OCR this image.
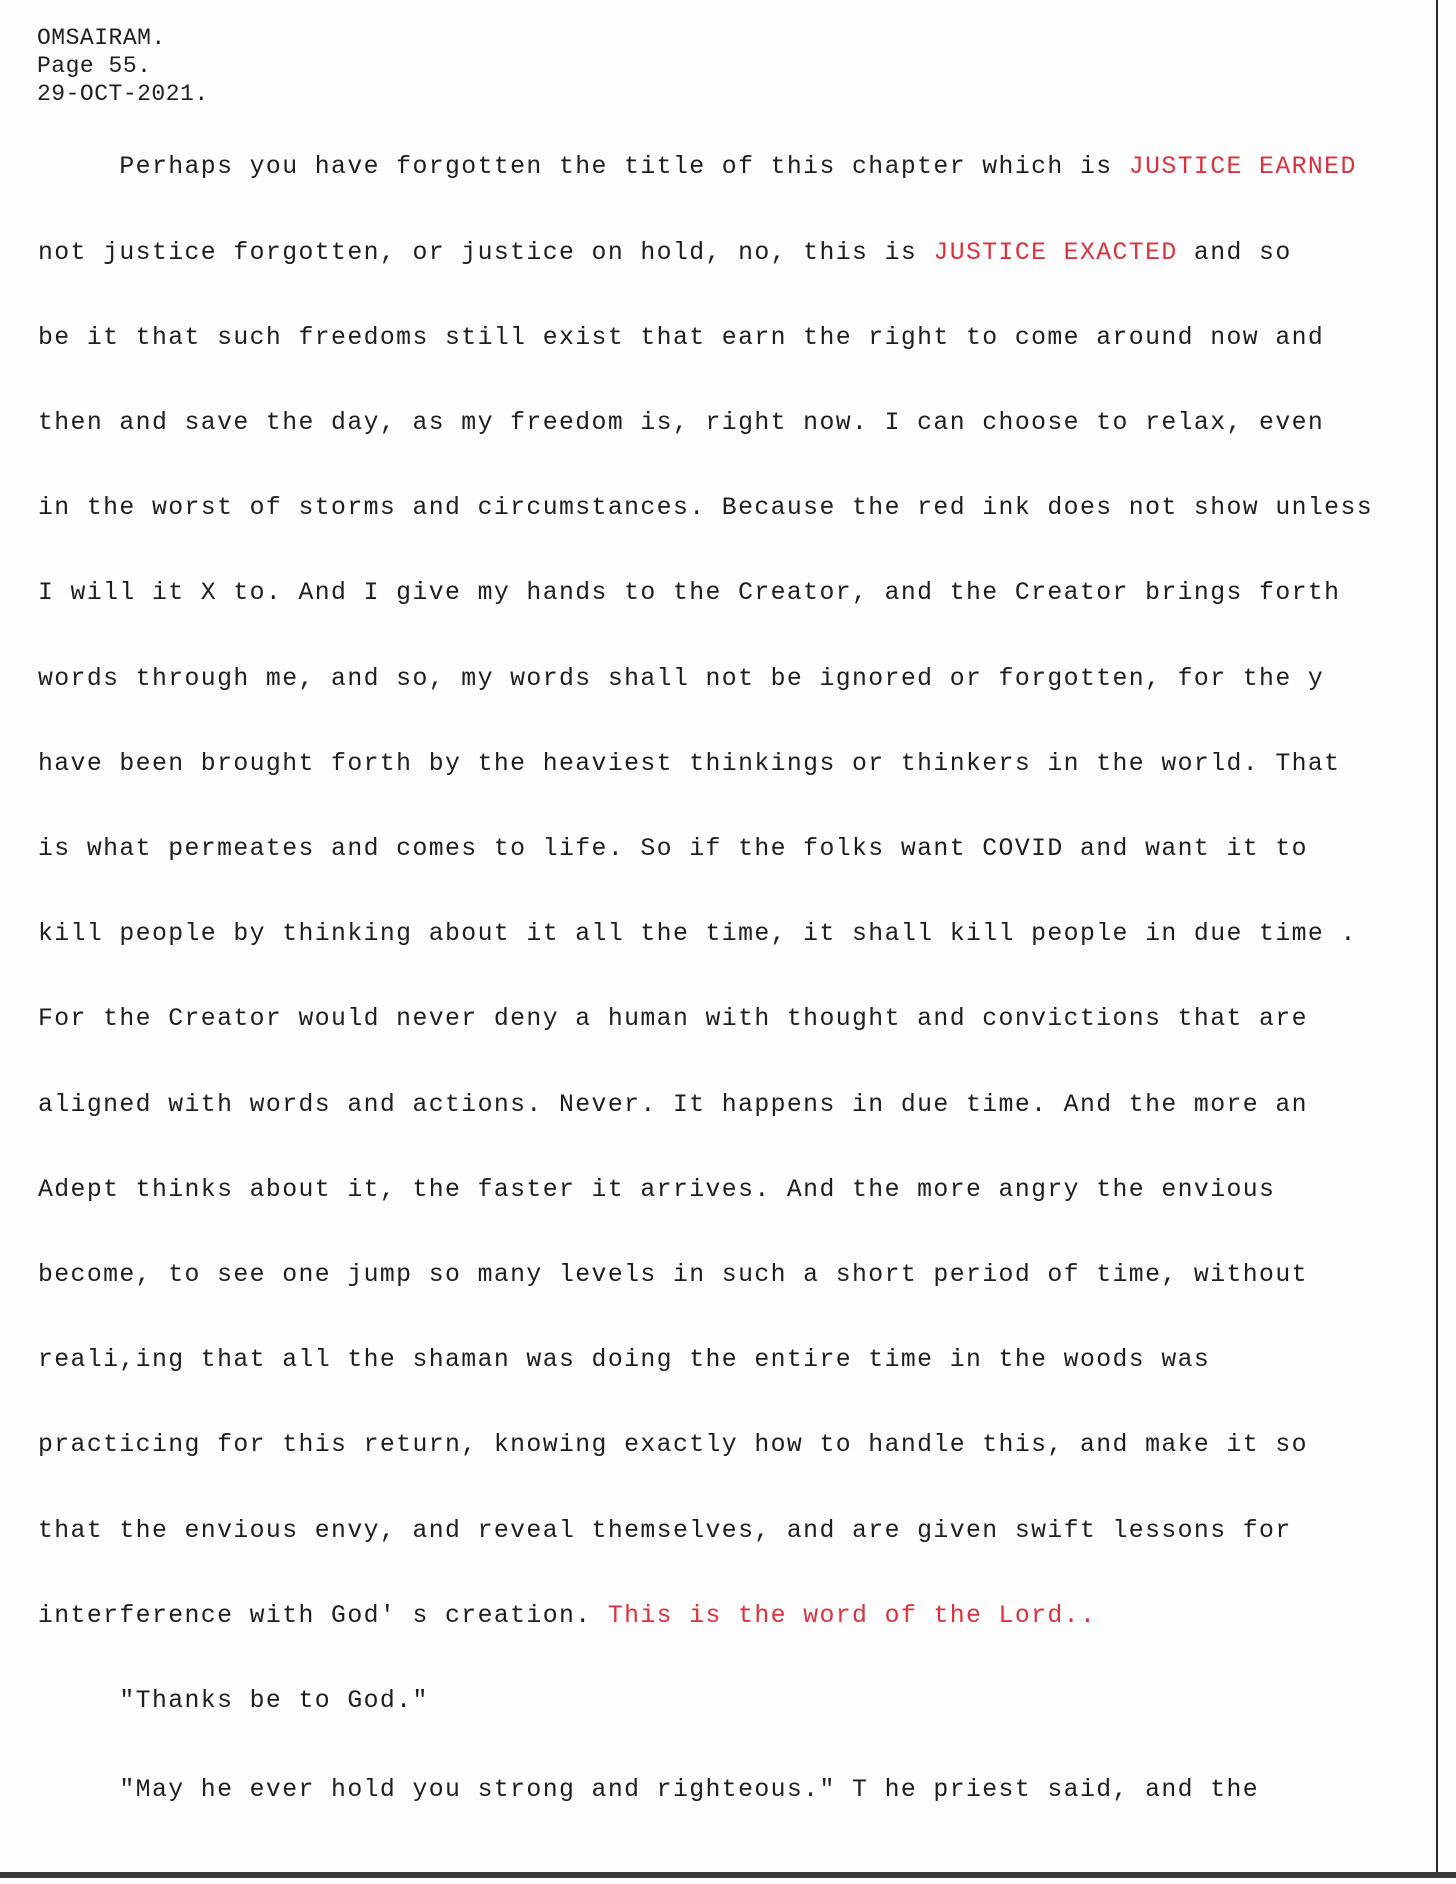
OMSAIRAM.
Page 55.
29-OCT-2021.
Perhaps you have forgotten the title of this chapter which is JUSTICE EARNED
not justice forgotten, or justice on hold, no, this is JUSTICE EXACTED and so
be it that such freedoms still exist that earn the right to come around now and
then and save the day, as my freedom is, right now. I can choose to relax, even
in the worst of storms and circumstances. Because the red ink does not show unless
I will it X to. And I give my hands to the Creator, and the Creator brings forth
words through me, and so, my words shall not be ignored or forgotten, for the y
have been brought forth by the heaviest thinkings or thinkers in the world. That
is what permeates and comes to life. So if the folks want COVID and want it to
kill people by thinking about it all the time, it shall kill people in due time .
For the Creator would never deny a human with thought and convictions that are
aligned with words and actions. Never. It happens in due time. And the more an
Adept thinks about it, the faster it arrives. And the more angry the envious
become, to see one jump so many levels in such a short period of time, without
reali,ing that all the shaman was doing the entire time in the woods was
practicing for this return, knowing exactly how to handle this, and make it so
that the envious envy, and reveal themselves, and are given swift lessons for
interference with God' s creation. This is the word of the Lord..
"Thanks be to God."
"May he ever hold you strong and righteous." T he priest said, and the
